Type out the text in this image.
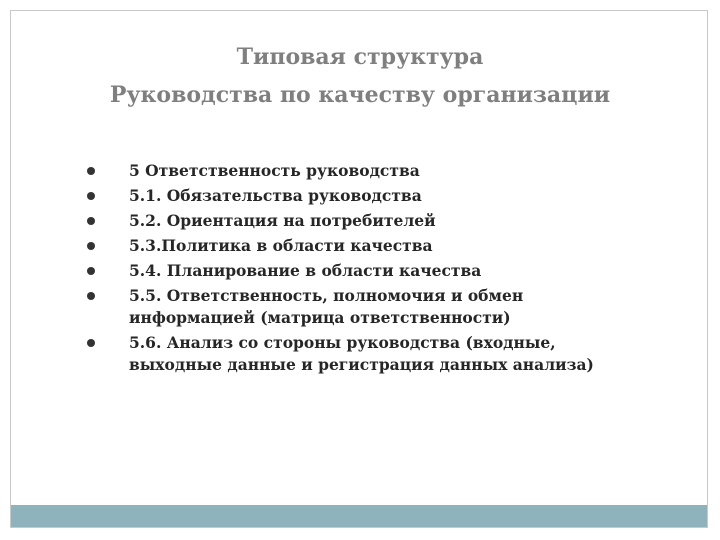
Типовая структура
Руководства по качеству организации
5 Ответственность руководства
5.1. Обязательства руководства
5.2. Ориентация на потребителей
5.3.Политика в области качества
5.4. Планирование в области качества
5.5. Ответственность, полномочия и обмен информацией (матрица ответственности)
5.6. Анализ со стороны руководства (входные, выходные данные и регистрация данных анализа)
